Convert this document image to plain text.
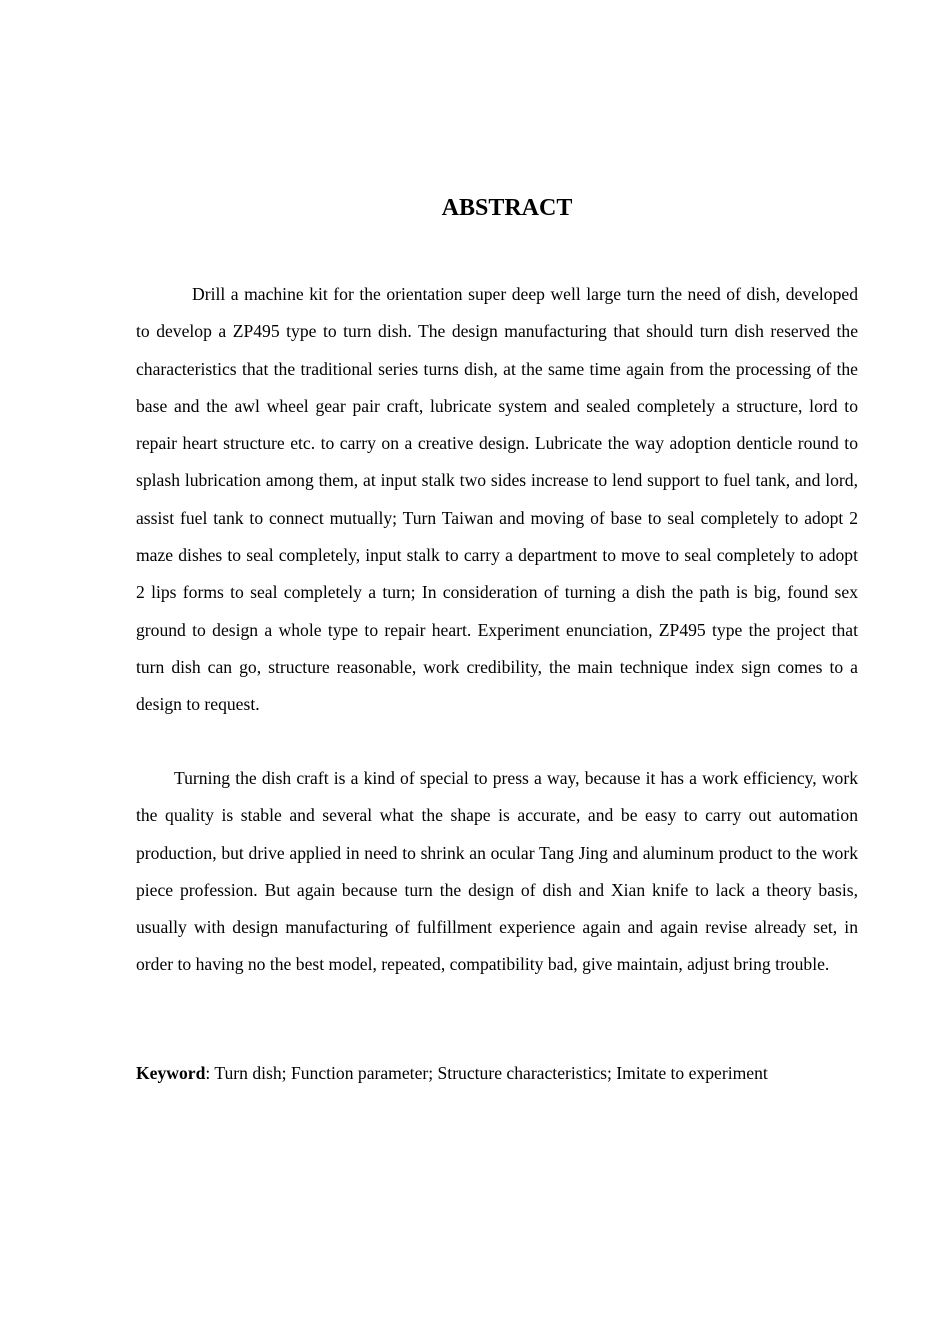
ABSTRACT

Drill a machine kit for the orientation super deep well large turn the need of dish, developed to develop a ZP495 type to turn dish. The design manufacturing that should turn dish reserved the characteristics that the traditional series turns dish, at the same time again from the processing of the base and the awl wheel gear pair craft, lubricate system and sealed completely a structure, lord to repair heart structure etc. to carry on a creative design. Lubricate the way adoption denticle round to splash lubrication among them, at input stalk two sides increase to lend support to fuel tank, and lord, assist fuel tank to connect mutually; Turn Taiwan and moving of base to seal completely to adopt 2 maze dishes to seal completely, input stalk to carry a department to move to seal completely to adopt 2 lips forms to seal completely a turn; In consideration of turning a dish the path is big, found sex ground to design a whole type to repair heart. Experiment enunciation, ZP495 type the project that turn dish can go, structure reasonable, work credibility, the main technique index sign comes to a design to request.

Turning the dish craft is a kind of special to press a way, because it has a work efficiency, work the quality is stable and several what the shape is accurate, and be easy to carry out automation production, but drive applied in need to shrink an ocular Tang Jing and aluminum product to the work piece profession. But again because turn the design of dish and Xian knife to lack a theory basis, usually with design manufacturing of fulfillment experience again and again revise already set, in order to having no the best model, repeated, compatibility bad, give maintain, adjust bring trouble.

Keyword: Turn dish; Function parameter; Structure characteristics; Imitate to experiment
